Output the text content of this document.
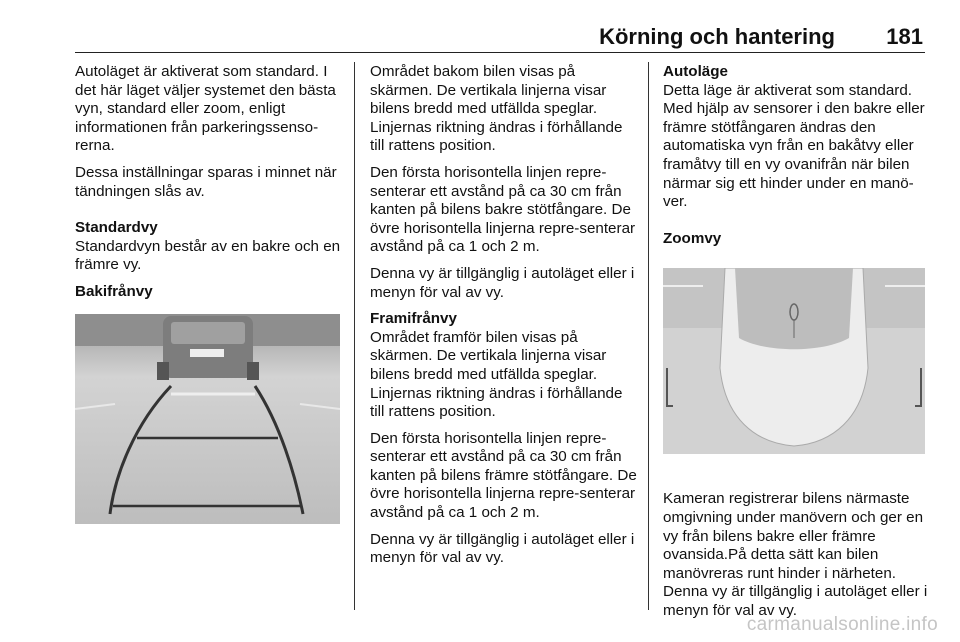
Körning och hantering 181

Autoläget är aktiverat som standard. I det här läget väljer systemet den bästa vyn, standard eller zoom, enligt informationen från parkeringssenso-rerna.

Dessa inställningar sparas i minnet när tändningen slås av.

Standardvy

Standardvyn består av en bakre och en främre vy.

Bakifrånvy

Området bakom bilen visas på skärmen. De vertikala linjerna visar bilens bredd med utfällda speglar. Linjernas riktning ändras i förhållande till rattens position.

Den första horisontella linjen repre-senterar ett avstånd på ca 30 cm från kanten på bilens bakre stötfångare. De övre horisontella linjerna repre-senterar avstånd på ca 1 och 2 m.

Denna vy är tillgänglig i autoläget eller i menyn för val av vy.

Framifrånvy

Området framför bilen visas på skärmen. De vertikala linjerna visar bilens bredd med utfällda speglar. Linjernas riktning ändras i förhållande till rattens position.

Den första horisontella linjen repre-senterar ett avstånd på ca 30 cm från kanten på bilens främre stötfångare. De övre horisontella linjerna repre-senterar avstånd på ca 1 och 2 m.

Denna vy är tillgänglig i autoläget eller i menyn för val av vy.

Autoläge

Detta läge är aktiverat som standard. Med hjälp av sensorer i den bakre eller främre stötfångaren ändras den automatiska vyn från en bakåtvy eller framåtvy till en vy ovanifrån när bilen närmar sig ett hinder under en manö-ver.

Zoomvy

Kameran registrerar bilens närmaste omgivning under manövern och ger en vy från bilens bakre eller främre ovansida.På detta sätt kan bilen manövreras runt hinder i närheten. Denna vy är tillgänglig i autoläget eller i menyn för val av vy.

carmanualsonline.info
